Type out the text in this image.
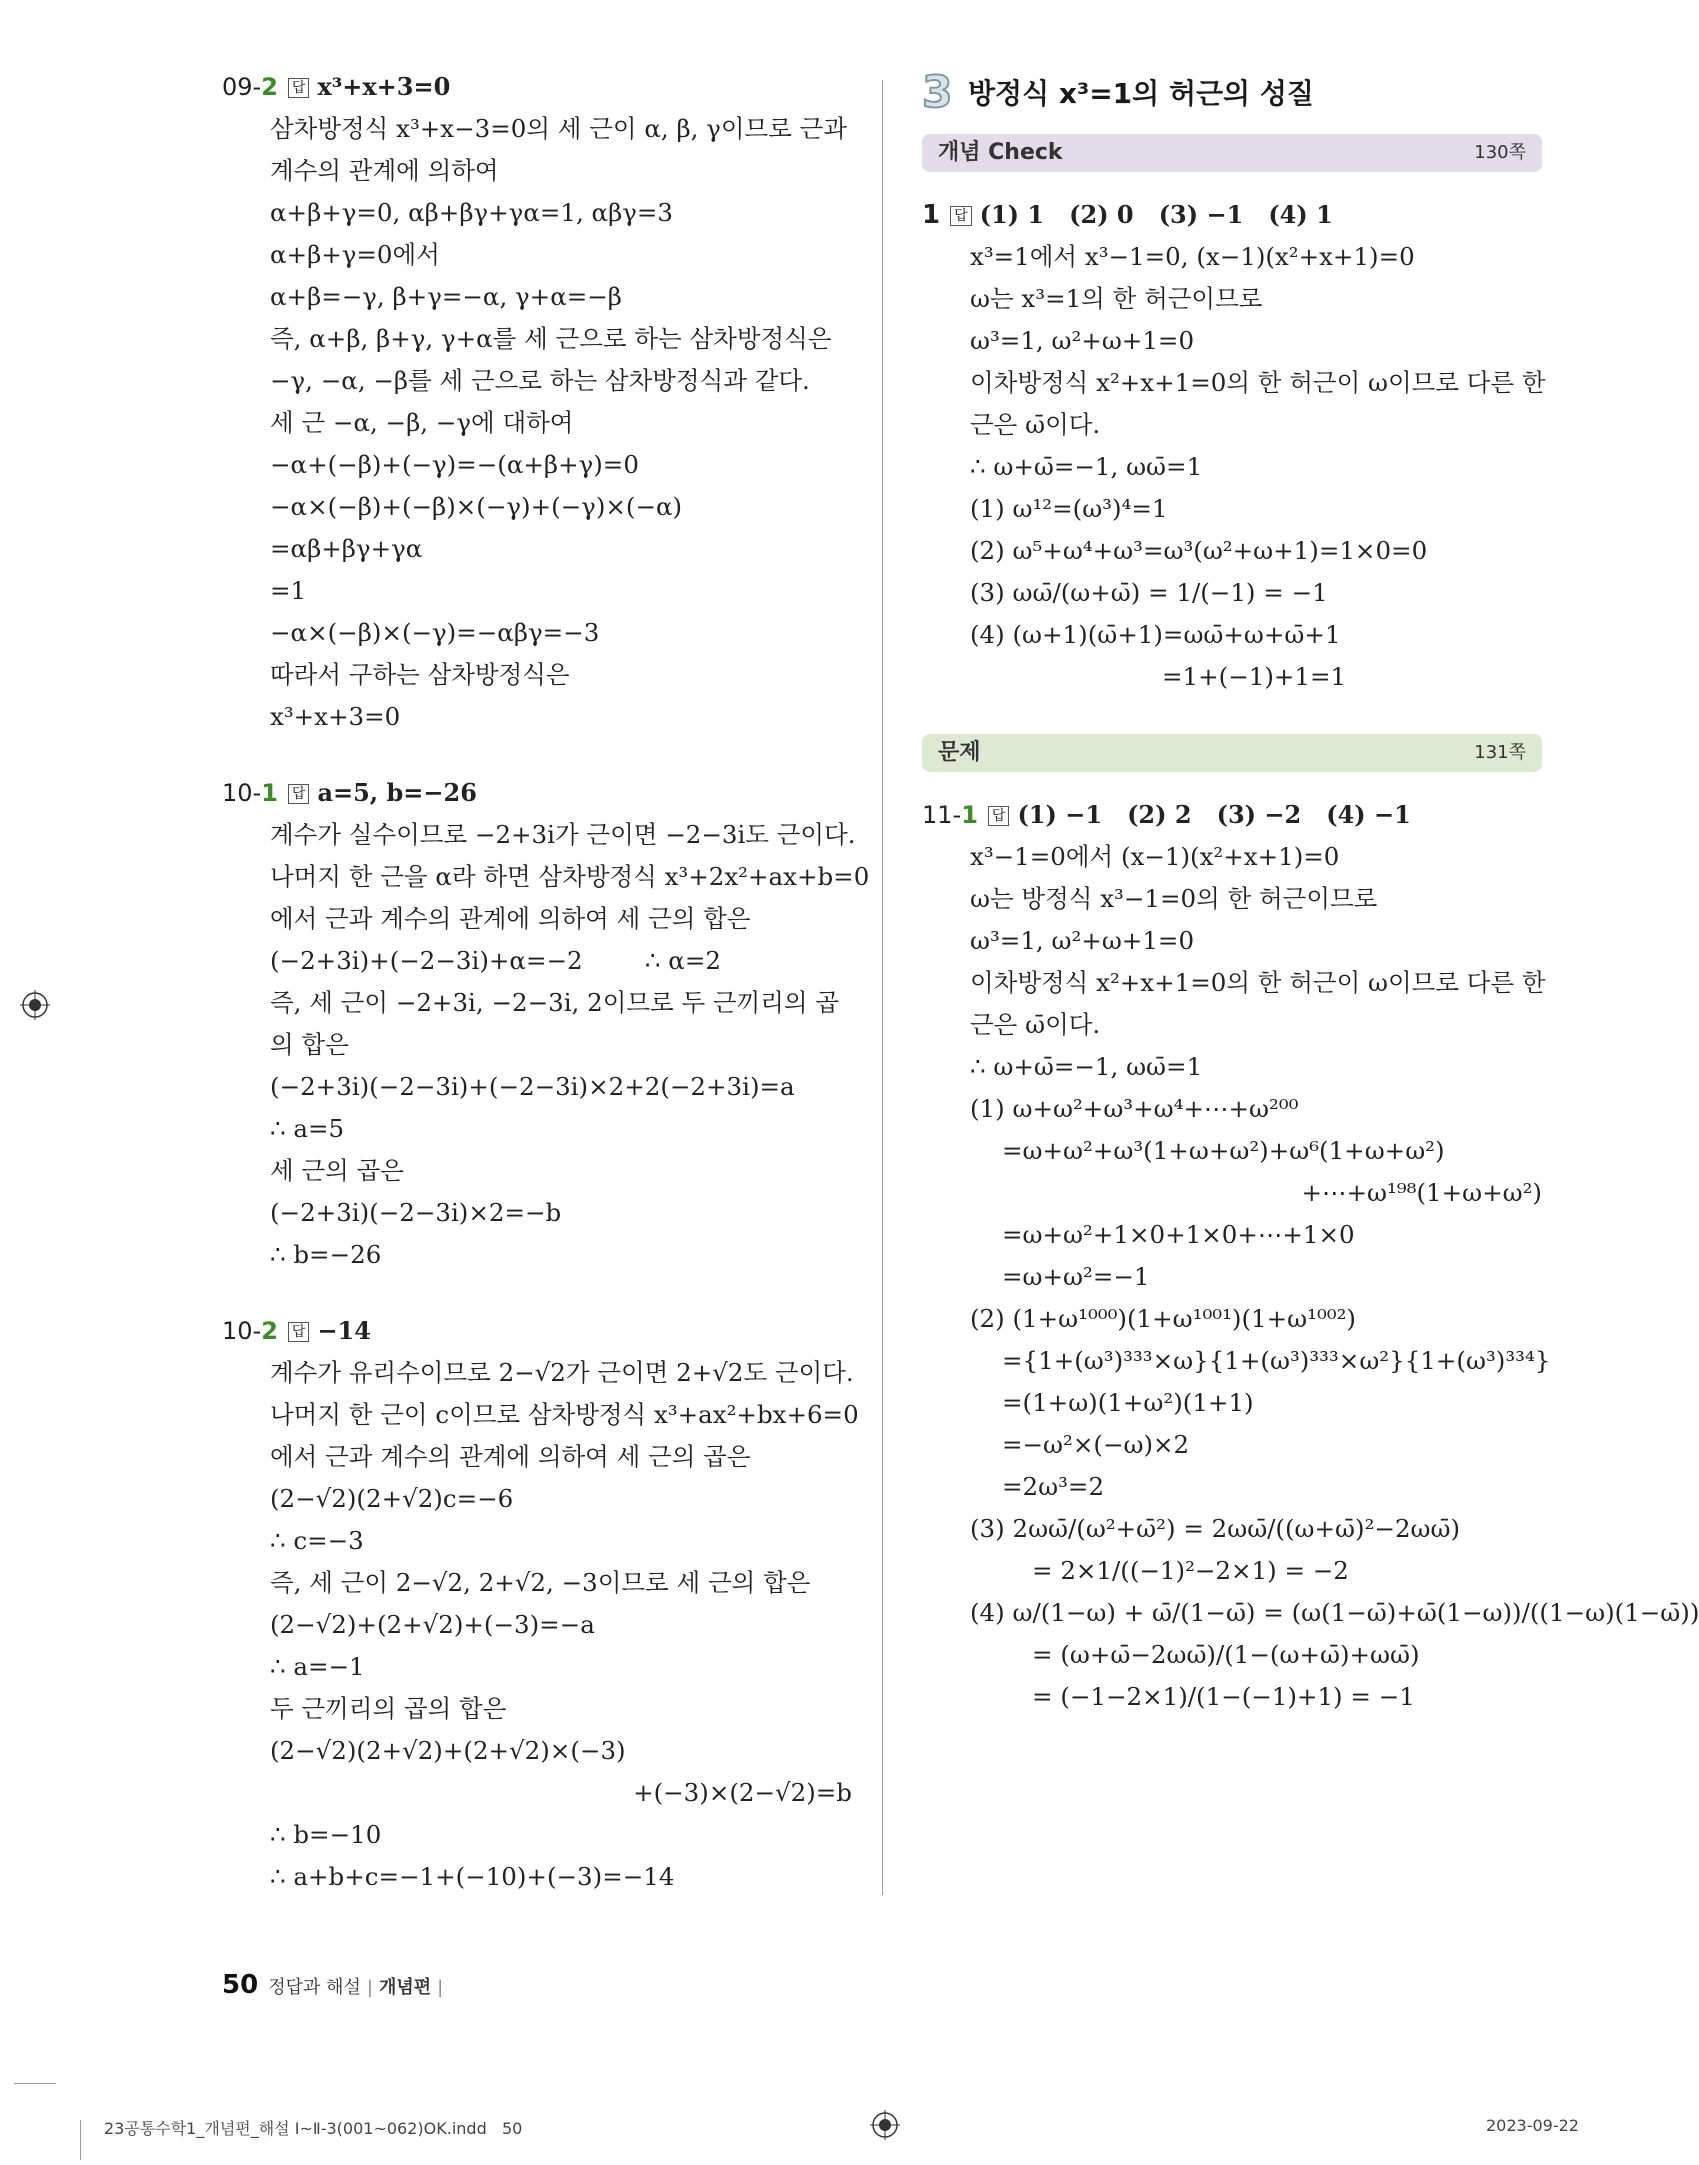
09-2 답 x³+x+3=0
삼차방정식 x³+x−3=0의 세 근이 α, β, γ이므로 근과
계수의 관계에 의하여
α+β+γ=0, αβ+βγ+γα=1, αβγ=3
α+β+γ=0에서
α+β=−γ, β+γ=−α, γ+α=−β
즉, α+β, β+γ, γ+α를 세 근으로 하는 삼차방정식은
−γ, −α, −β를 세 근으로 하는 삼차방정식과 같다.
세 근 −α, −β, −γ에 대하여
−α+(−β)+(−γ)=−(α+β+γ)=0
−α×(−β)+(−β)×(−γ)+(−γ)×(−α)
=αβ+βγ+γα
=1
−α×(−β)×(−γ)=−αβγ=−3
따라서 구하는 삼차방정식은
x³+x+3=0
10-1 답 a=5, b=−26
계수가 실수이므로 −2+3i가 근이면 −2−3i도 근이다.
나머지 한 근을 α라 하면 삼차방정식 x³+2x²+ax+b=0
에서 근과 계수의 관계에 의하여 세 근의 합은
(−2+3i)+(−2−3i)+α=−2        ∴ α=2
즉, 세 근이 −2+3i, −2−3i, 2이므로 두 근끼리의 곱
의 합은
(−2+3i)(−2−3i)+(−2−3i)×2+2(−2+3i)=a
∴ a=5
세 근의 곱은
(−2+3i)(−2−3i)×2=−b
∴ b=−26
10-2 답 −14
계수가 유리수이므로 2−√2가 근이면 2+√2도 근이다.
나머지 한 근이 c이므로 삼차방정식 x³+ax²+bx+6=0
에서 근과 계수의 관계에 의하여 세 근의 곱은
(2−√2)(2+√2)c=−6
∴ c=−3
즉, 세 근이 2−√2, 2+√2, −3이므로 세 근의 합은
(2−√2)+(2+√2)+(−3)=−a
∴ a=−1
두 근끼리의 곱의 합은
(2−√2)(2+√2)+(2+√2)×(−3)
+(−3)×(2−√2)=b
∴ b=−10
∴ a+b+c=−1+(−10)+(−3)=−14
3 방정식 x³=1의 허근의 성질
개념 Check	130쪽
1 답 (1) 1   (2) 0   (3) −1   (4) 1
x³=1에서 x³−1=0, (x−1)(x²+x+1)=0
ω는 x³=1의 한 허근이므로
ω³=1, ω²+ω+1=0
이차방정식 x²+x+1=0의 한 허근이 ω이므로 다른 한
근은 ω̄이다.
∴ ω+ω̄=−1, ωω̄=1
(1) ω¹²=(ω³)⁴=1
(2) ω⁵+ω⁴+ω³=ω³(ω²+ω+1)=1×0=0
(3) ωω̄/(ω+ω̄) = 1/(−1) = −1
(4) (ω+1)(ω̄+1)=ωω̄+ω+ω̄+1
=1+(−1)+1=1
문제	131쪽
11-1 답 (1) −1   (2) 2   (3) −2   (4) −1
x³−1=0에서 (x−1)(x²+x+1)=0
ω는 방정식 x³−1=0의 한 허근이므로
ω³=1, ω²+ω+1=0
이차방정식 x²+x+1=0의 한 허근이 ω이므로 다른 한
근은 ω̄이다.
∴ ω+ω̄=−1, ωω̄=1
(1) ω+ω²+ω³+ω⁴+⋯+ω²⁰⁰
=ω+ω²+ω³(1+ω+ω²)+ω⁶(1+ω+ω²)
+⋯+ω¹⁹⁸(1+ω+ω²)
=ω+ω²+1×0+1×0+⋯+1×0
=ω+ω²=−1
(2) (1+ω¹⁰⁰⁰)(1+ω¹⁰⁰¹)(1+ω¹⁰⁰²)
={1+(ω³)³³³×ω}{1+(ω³)³³³×ω²}{1+(ω³)³³⁴}
=(1+ω)(1+ω²)(1+1)
=−ω²×(−ω)×2
=2ω³=2
(3) 2ωω̄/(ω²+ω̄²) = 2ωω̄/((ω+ω̄)²−2ωω̄)
= 2×1/((−1)²−2×1) = −2
(4) ω/(1−ω) + ω̄/(1−ω̄) = (ω(1−ω̄)+ω̄(1−ω))/((1−ω)(1−ω̄))
= (ω+ω̄−2ωω̄)/(1−(ω+ω̄)+ωω̄)
= (−1−2×1)/(1−(−1)+1) = −1
50 정답과 해설 | 개념편 |
23공통수학1_개념편_해설 Ⅰ~Ⅱ-3(001~062)OK.indd   50	2023-09-22
